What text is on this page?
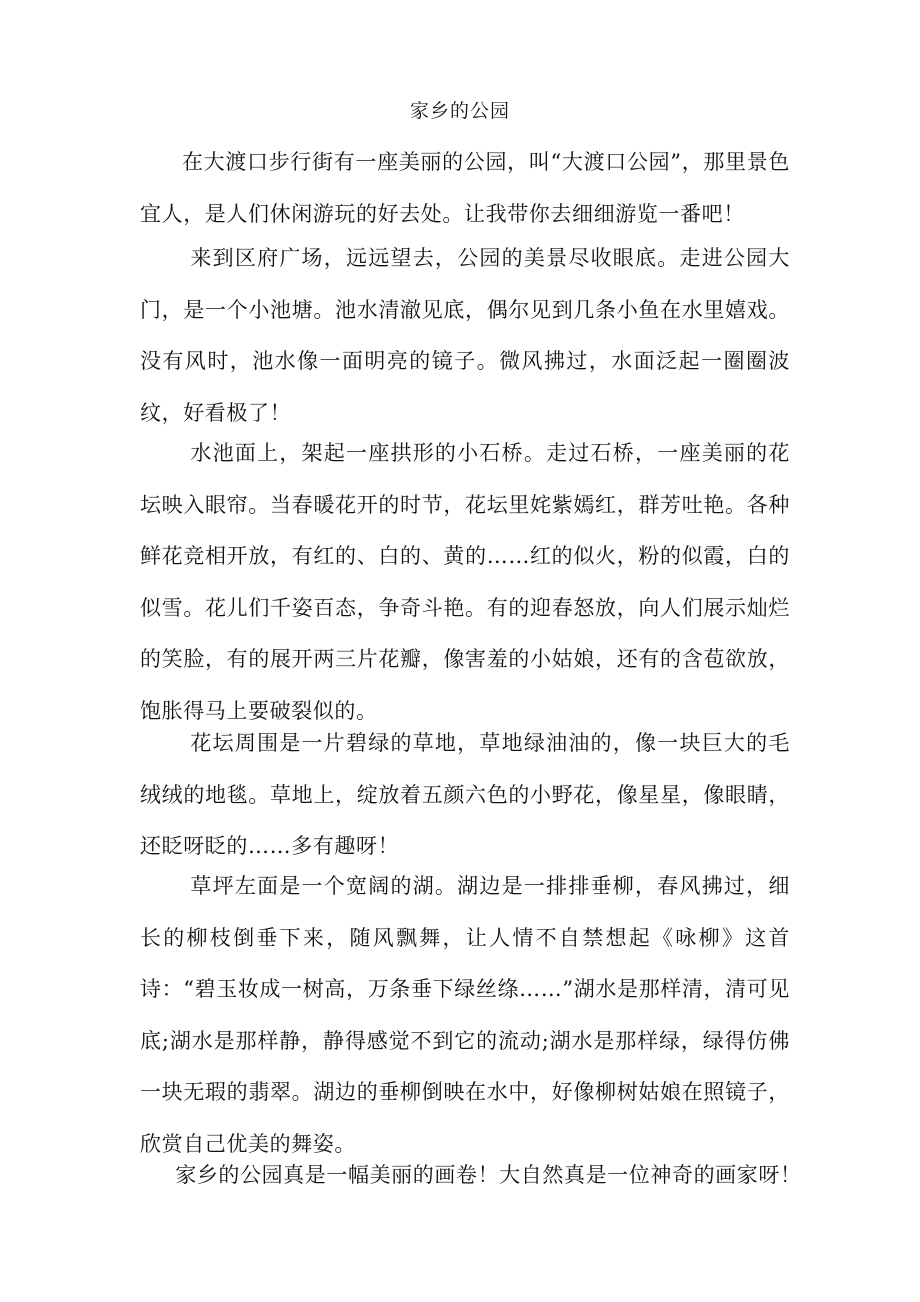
家乡的公园

在大渡口步行街有一座美丽的公园，叫“大渡口公园”，那里景色宜人，是人们休闲游玩的好去处。让我带你去细细游览一番吧！

来到区府广场，远远望去，公园的美景尽收眼底。走进公园大门，是一个小池塘。池水清澈见底，偶尔见到几条小鱼在水里嬉戏。没有风时，池水像一面明亮的镜子。微风拂过，水面泛起一圈圈波纹，好看极了！

水池面上，架起一座拱形的小石桥。走过石桥，一座美丽的花坛映入眼帘。当春暖花开的时节，花坛里姹紫嫣红，群芳吐艳。各种鲜花竞相开放，有红的、白的、黄的……红的似火，粉的似霞，白的似雪。花儿们千姿百态，争奇斗艳。有的迎春怒放，向人们展示灿烂的笑脸，有的展开两三片花瓣，像害羞的小姑娘，还有的含苞欲放，饱胀得马上要破裂似的。

花坛周围是一片碧绿的草地，草地绿油油的，像一块巨大的毛绒绒的地毯。草地上，绽放着五颜六色的小野花，像星星，像眼睛，还眨呀眨的……多有趣呀！

草坪左面是一个宽阔的湖。湖边是一排排垂柳，春风拂过，细长的柳枝倒垂下来，随风飘舞，让人情不自禁想起《咏柳》这首诗：“碧玉妆成一树高，万条垂下绿丝绦……”湖水是那样清，清可见底;湖水是那样静，静得感觉不到它的流动;湖水是那样绿，绿得仿佛一块无瑕的翡翠。湖边的垂柳倒映在水中，好像柳树姑娘在照镜子，欣赏自己优美的舞姿。

家乡的公园真是一幅美丽的画卷！大自然真是一位神奇的画家呀！
